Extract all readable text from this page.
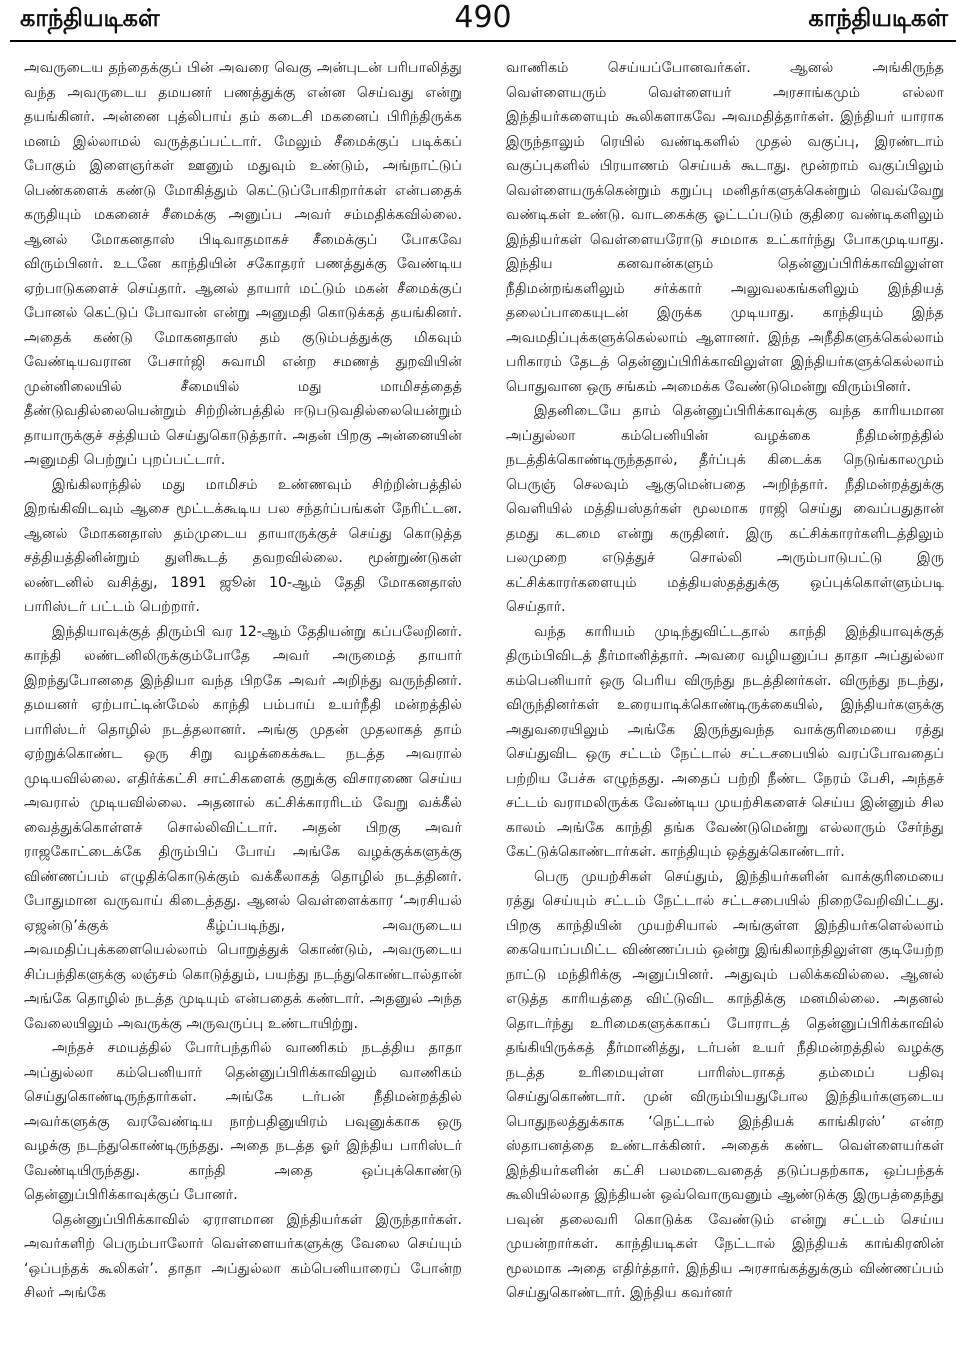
காந்தியடிகள்	490	காந்தியடிகள்

அவருடைய தந்தைக்குப் பின் அவரை வெகு அன்புடன் பரிபாலித்து வந்த அவருடைய தமயனர் பணத்துக்கு என்ன செய்வது என்று தயங்கினர். அன்னை புத்லிபாய் தம் கடைசி மகனைப் பிரிந்திருக்க மனம் இல்லாமல் வருத்தப்பட்டார். மேலும் சீமைக்குப் படிக்கப் போகும் இளைஞர்கள் ஊனும் மதுவும் உண்டும், அங்நாட்டுப் பெண்களைக் கண்டு மோகித்தும் கெட்டுப்போகிறார்கள் என்பதைக் கருதியும் மகனைச் சீமைக்கு அனுப்ப அவர் சம்மதிக்கவில்லை. ஆனல் மோகனதாஸ் பிடிவாதமாகச் சீமைக்குப் போகவே விரும்பினர். உடனே காந்தியின் சகோதரர் பணத்துக்கு வேண்டிய ஏற்பாடுகளைச் செய்தார். ஆனல் தாயார் மட்டும் மகன் சீமைக்குப் போனல் கெட்டுப் போவான் என்று அனுமதி கொடுக்கத் தயங்கினர். அதைக் கண்டு மோகனதாஸ் தம் குடும்பத்துக்கு மிகவும் வேண்டியவரான பேசார்ஜி சுவாமி என்ற சமணத் துறவியின் முன்னிலையில் சீமையில் மது மாமிசத்தைத் தீண்டுவதில்லையென்றும் சிற்றின்பத்தில் ஈடுபடுவதில்லையென்றும் தாயாருக்குச் சத்தியம் செய்துகொடுத்தார். அதன் பிறகு அன்னையின் அனுமதி பெற்றுப் புறப்பட்டார்.

இங்கிலாந்தில் மது மாமிசம் உண்ணவும் சிற்றின்பத்தில் இறங்கிவிடவும் ஆசை மூட்டக்கூடிய பல சந்தர்ப்பங்கள் நேரிட்டன. ஆனல் மோகனதாஸ் தம்முடைய தாயாருக்குச் செய்து கொடுத்த சத்தியத்தினின்றும் துளிகூடத் தவறவில்லை. மூன்றுண்டுகள் லண்டனில் வசித்து, 1891 ஜூன் 10-ஆம் தேதி மோகனதாஸ் பாரிஸ்டர் பட்டம் பெற்றார்.

இந்தியாவுக்குத் திரும்பி வர 12-ஆம் தேதியன்று கப்பலேறினர். காந்தி லண்டனிலிருக்கும்போதே அவர் அருமைத் தாயார் இறந்துபோனதை இந்தியா வந்த பிறகே அவர் அறிந்து வருந்தினர். தமயனர் ஏற்பாட்டின்மேல் காந்தி பம்பாய் உயர்நீதி மன்றத்தில் பாரிஸ்டர் தொழில் நடத்தலானர். அங்கு முதன் முதலாகத் தாம் ஏற்றுக்கொண்ட ஒரு சிறு வழக்கைக்கூட நடத்த அவரால் முடியவில்லை. எதிர்க்கட்சி சாட்சிகளைக் குறுக்கு விசாரணை செய்ய அவரால் முடியவில்லை. அதனால் கட்சிக்காரரிடம் வேறு வக்கீல் வைத்துக்கொள்ளச் சொல்லிவிட்டார். அதன் பிறகு அவர் ராஜகோட்டைக்கே திரும்பிப் போய் அங்கே வழக்குக்களுக்கு விண்ணப்பம் எழுதிக்கொடுக்கும் வக்கீலாகத் தொழில் நடத்தினர். போதுமான வருவாய் கிடைத்தது. ஆனல் வெள்ளைக்கார ‘அரசியல் ஏஜன்டு’க்குக் கீழ்ப்படிந்து, அவருடைய அவமதிப்புக்களையெல்லாம் பொறுத்துக் கொண்டும், அவருடைய சிப்பந்திகளுக்கு லஞ்சம் கொடுத்தும், பயந்து நடந்துகொண்டால்தான் அங்கே தொழில் நடத்த முடியும் என்பதைக் கண்டார். அதனுல் அந்த வேலையிலும் அவருக்கு அருவருப்பு உண்டாயிற்று.

அந்தச் சமயத்தில் போர்பந்தரில் வாணிகம் நடத்திய தாதா அப்துல்லா கம்பெனியார் தென்னுப்பிரிக்காவிலும் வாணிகம் செய்துகொண்டிருந்தார்கள். அங்கே டர்பன் நீதிமன்றத்தில் அவர்களுக்கு வரவேண்டிய நாற்பதினுயிரம் பவுனுக்காக ஒரு வழக்கு நடந்துகொண்டிருந்தது. அதை நடத்த ஓர் இந்திய பாரிஸ்டர் வேண்டியிருந்தது. காந்தி அதை ஒப்புக்கொண்டு தென்னுப்பிரிக்காவுக்குப் போனர்.

தென்னுப்பிரிக்காவில் ஏராளமான இந்தியர்கள் இருந்தார்கள். அவர்களிற் பெரும்பாலோர் வெள்ளையர்களுக்கு வேலை செய்யும் ‘ஒப்பந்தக் கூலிகள்’. தாதா அப்துல்லா கம்பெனியாரைப் போன்ற சிலர் அங்கே

வாணிகம் செய்யப்போனவர்கள். ஆனல் அங்கிருந்த வெள்ளையரும் வெள்ளையர் அரசாங்கமும் எல்லா இந்தியர்களையும் கூலிகளாகவே அவமதித்தார்கள். இந்தியர் யாராக இருந்தாலும் ரெயில் வண்டிகளில் முதல் வகுப்பு, இரண்டாம் வகுப்புகளில் பிரயாணம் செய்யக் கூடாது. மூன்றாம் வகுப்பிலும் வெள்ளையருக்கென்றும் கறுப்பு மனிதர்களுக்கென்றும் வெவ்வேறு வண்டிகள் உண்டு. வாடகைக்கு ஓட்டப்படும் குதிரை வண்டிகளிலும் இந்தியர்கள் வெள்ளையரோடு சமமாக உட்கார்ந்து போகமுடியாது. இந்திய கனவான்களும் தென்னுப்பிரிக்காவிலுள்ள நீதிமன்றங்களிலும் சர்க்கார் அலுவலகங்களிலும் இந்தியத் தலைப்பாகையுடன் இருக்க முடியாது. காந்தியும் இந்த அவமதிப்புக்களுக்கெல்லாம் ஆளானர். இந்த அநீதிகளுக்கெல்லாம் பரிகாரம் தேடத் தென்னுப்பிரிக்காவிலுள்ள இந்தியர்களுக்கெல்லாம் பொதுவான ஒரு சங்கம் அமைக்க வேண்டுமென்று விரும்பினர்.

இதனிடையே தாம் தென்னுப்பிரிக்காவுக்கு வந்த காரியமான அப்துல்லா கம்பெனியின் வழக்கை நீதிமன்றத்தில் நடத்திக்கொண்டிருந்ததால், தீர்ப்புக் கிடைக்க நெடுங்காலமும் பெருஞ் செலவும் ஆகுமென்பதை அறிந்தார். நீதிமன்றத்துக்கு வெளியில் மத்தியஸ்தர்கள் மூலமாக ராஜி செய்து வைப்பதுதான் தமது கடமை என்று கருதினர். இரு கட்சிக்காரர்களிடத்திலும் பலமுறை எடுத்துச் சொல்லி அரும்பாடுபட்டு இரு கட்சிக்காரர்களையும் மத்தியஸ்தத்துக்கு ஒப்புக்கொள்ளும்படி செய்தார்.

வந்த காரியம் முடிந்துவிட்டதால் காந்தி இந்தியாவுக்குத் திரும்பிவிடத் தீர்மானித்தார். அவரை வழியனுப்ப தாதா அப்துல்லா கம்பெனியார் ஒரு பெரிய விருந்து நடத்தினர்கள். விருந்து நடந்து, விருந்தினர்கள் உரையாடிக்கொண்டிருக்கையில், இந்தியர்களுக்கு அதுவரையிலும் அங்கே இருந்துவந்த வாக்குரிமையை ரத்து செய்துவிட ஒரு சட்டம் நேட்டால் சட்டசபையில் வரப்போவதைப் பற்றிய பேச்சு எழுந்தது. அதைப் பற்றி நீண்ட நேரம் பேசி, அந்தச் சட்டம் வராமலிருக்க வேண்டிய முயற்சிகளைச் செய்ய இன்னும் சில காலம் அங்கே காந்தி தங்க வேண்டுமென்று எல்லாரும் சேர்ந்து கேட்டுக்கொண்டார்கள். காந்தியும் ஒத்துக்கொண்டார்.

பெரு முயற்சிகள் செய்தும், இந்தியர்களின் வாக்குரிமையை ரத்து செய்யும் சட்டம் நேட்டால் சட்டசபையில் நிறைவேறிவிட்டது. பிறகு காந்தியின் முயற்சியால் அங்குள்ள இந்தியர்களெல்லாம் கையொப்பமிட்ட விண்ணப்பம் ஒன்று இங்கிலாந்திலுள்ள குடியேற்ற நாட்டு மந்திரிக்கு அனுப்பினர். அதுவும் பலிக்கவில்லை. ஆனல் எடுத்த காரியத்தை விட்டுவிட காந்திக்கு மனமில்லை. அதனல் தொடர்ந்து உரிமைகளுக்காகப் போராடத் தென்னுப்பிரிக்காவில் தங்கியிருக்கத் தீர்மானித்து, டர்பன் உயர் நீதிமன்றத்தில் வழக்கு நடத்த உரிமையுள்ள பாரிஸ்டராகத் தம்மைப் பதிவு செய்துகொண்டார். முன் விரும்பியதுபோல இந்தியர்களுடைய பொதுநலத்துக்காக ‘நெட்டால் இந்தியக் காங்கிரஸ்’ என்ற ஸ்தாபனத்தை உண்டாக்கினர். அதைக் கண்ட வெள்ளையர்கள் இந்தியர்களின் கட்சி பலமடைவதைத் தடுப்பதற்காக, ஒப்பந்தக் கூலியில்லாத இந்தியன் ஒவ்வொருவனும் ஆண்டுக்கு இருபத்தைந்து பவுன் தலைவரி கொடுக்க வேண்டும் என்று சட்டம் செய்ய முயன்றார்கள். காந்தியடிகள் நேட்டால் இந்தியக் காங்கிரஸின் மூலமாக அதை எதிர்த்தார். இந்திய அரசாங்கத்துக்கும் விண்ணப்பம் செய்துகொண்டார். இந்திய கவர்னர்
